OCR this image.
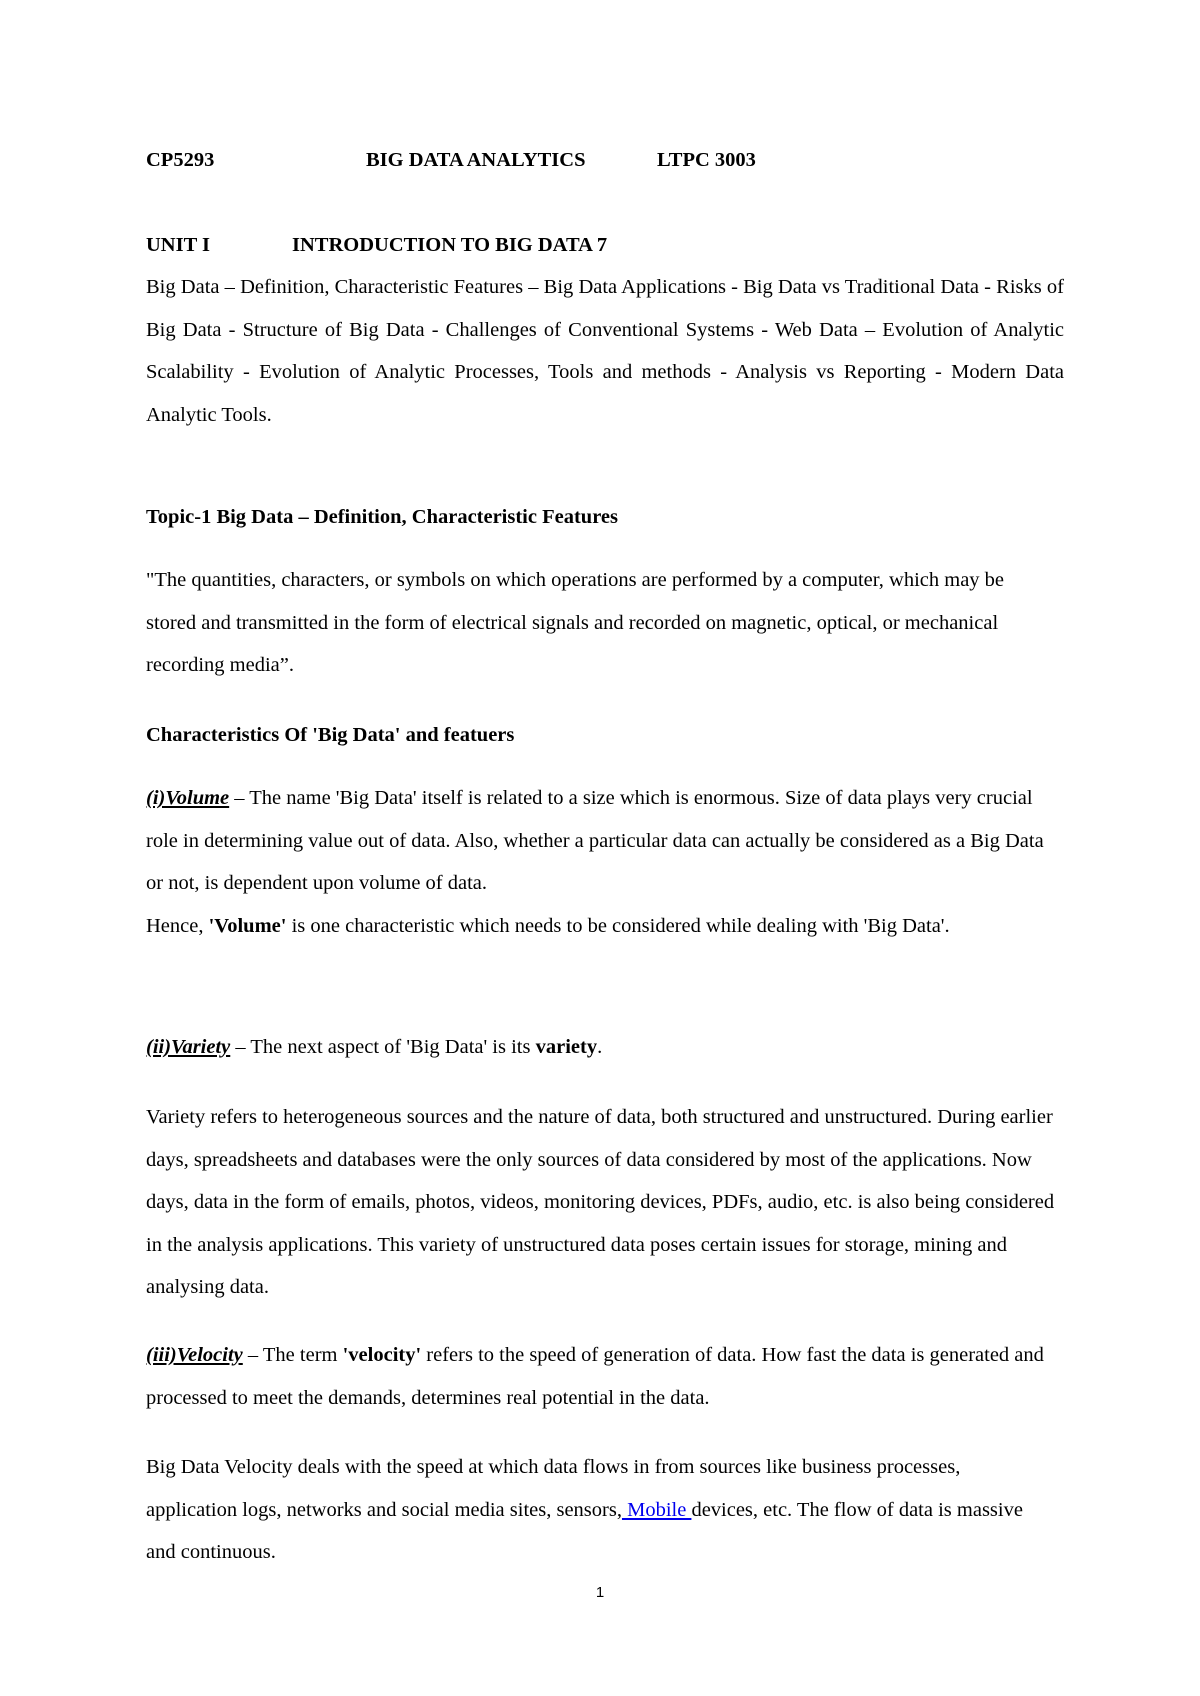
CP5293	BIG DATA ANALYTICS	LTPC 3003
UNIT I	INTRODUCTION TO BIG DATA 7
Big Data – Definition, Characteristic Features – Big Data Applications - Big Data vs Traditional Data - Risks of Big Data - Structure of Big Data - Challenges of Conventional Systems - Web Data – Evolution of Analytic Scalability - Evolution of Analytic Processes, Tools and methods - Analysis vs Reporting - Modern Data Analytic Tools.
Topic-1 Big Data – Definition, Characteristic Features
"The quantities, characters, or symbols on which operations are performed by a computer, which may be stored and transmitted in the form of electrical signals and recorded on magnetic, optical, or mechanical recording media”.
Characteristics Of 'Big Data' and featuers
(i)Volume – The name 'Big Data' itself is related to a size which is enormous. Size of data plays very crucial role in determining value out of data. Also, whether a particular data can actually be considered as a Big Data or not, is dependent upon volume of data.
Hence, 'Volume' is one characteristic which needs to be considered while dealing with 'Big Data'.
(ii)Variety – The next aspect of 'Big Data' is its variety.
Variety refers to heterogeneous sources and the nature of data, both structured and unstructured. During earlier days, spreadsheets and databases were the only sources of data considered by most of the applications. Now days, data in the form of emails, photos, videos, monitoring devices, PDFs, audio, etc. is also being considered in the analysis applications. This variety of unstructured data poses certain issues for storage, mining and analysing data.
(iii)Velocity – The term 'velocity' refers to the speed of generation of data. How fast the data is generated and processed to meet the demands, determines real potential in the data.
Big Data Velocity deals with the speed at which data flows in from sources like business processes, application logs, networks and social media sites, sensors, Mobile devices, etc. The flow of data is massive and continuous.
1
